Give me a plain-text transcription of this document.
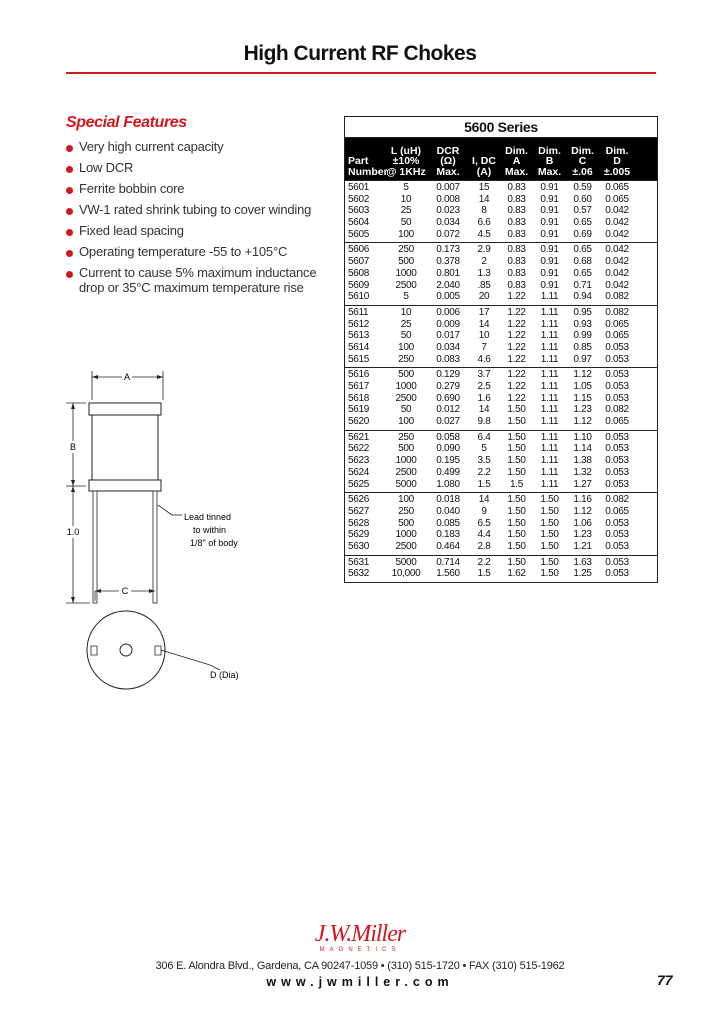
High Current RF Chokes
Special Features
Very high current capacity
Low DCR
Ferrite bobbin core
VW-1 rated shrink tubing to cover winding
Fixed lead spacing
Operating temperature -55 to +105°C
Current to cause 5% maximum inductance drop or 35°C maximum temperature rise
A
B
1.0
Lead tinned
to within
1/8" of body
C
D (Dia)
5600 Series
Part
Number
L (uH)
±10%
@ 1KHz
DCR
(Ω)
Max.
I, DC
(A)
Dim.
A
Max.
Dim.
B
Max.
Dim.
C
±.06
Dim.
D
±.005
5601	5	0.007	15	0.83	0.91	0.59	0.065
5602	10	0.008	14	0.83	0.91	0.60	0.065
5603	25	0.023	8	0.83	0.91	0.57	0.042
5604	50	0.034	6.6	0.83	0.91	0.65	0.042
5605	100	0.072	4.5	0.83	0.91	0.69	0.042
5606	250	0.173	2.9	0.83	0.91	0.65	0.042
5607	500	0.378	2	0.83	0.91	0.68	0.042
5608	1000	0.801	1.3	0.83	0.91	0.65	0.042
5609	2500	2.040	.85	0.83	0.91	0.71	0.042
5610	5	0.005	20	1.22	1.11	0.94	0.082
5611	10	0.006	17	1.22	1.11	0.95	0.082
5612	25	0.009	14	1.22	1.11	0.93	0.065
5613	50	0.017	10	1.22	1.11	0.99	0.065
5614	100	0.034	7	1.22	1.11	0.85	0.053
5615	250	0.083	4.6	1.22	1.11	0.97	0.053
5616	500	0.129	3.7	1.22	1.11	1.12	0.053
5617	1000	0.279	2.5	1.22	1.11	1.05	0.053
5618	2500	0.690	1.6	1.22	1.11	1.15	0.053
5619	50	0.012	14	1.50	1.11	1.23	0.082
5620	100	0.027	9.8	1.50	1.11	1.12	0.065
5621	250	0.058	6.4	1.50	1.11	1.10	0.053
5622	500	0.090	5	1.50	1.11	1.14	0.053
5623	1000	0.195	3.5	1.50	1.11	1.38	0.053
5624	2500	0.499	2.2	1.50	1.11	1.32	0.053
5625	5000	1.080	1.5	1.5	1.11	1.27	0.053
5626	100	0.018	14	1.50	1.50	1.16	0.082
5627	250	0.040	9	1.50	1.50	1.12	0.065
5628	500	0.085	6.5	1.50	1.50	1.06	0.053
5629	1000	0.183	4.4	1.50	1.50	1.23	0.053
5630	2500	0.464	2.8	1.50	1.50	1.21	0.053
5631	5000	0.714	2.2	1.50	1.50	1.63	0.053
5632	10,000	1.560	1.5	1.62	1.50	1.25	0.053
J.W.Miller
MAGNETICS
306 E. Alondra Blvd., Gardena, CA 90247-1059 • (310) 515-1720 • FAX (310) 515-1962
www.jwmiller.com	77
